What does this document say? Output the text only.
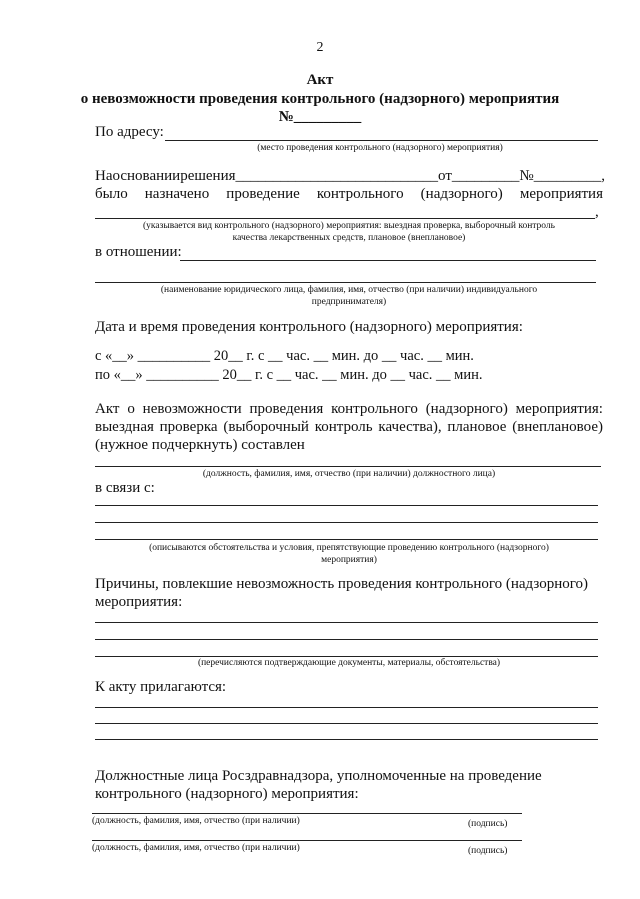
2
Акт
о невозможности проведения контрольного (надзорного) мероприятия
№_________
По адресу:
(место проведения контрольного (надзорного) мероприятия)
На основании решения___________________________ от _________ № _________,
было назначено проведение контрольного (надзорного) мероприятия
,
(указывается вид контрольного (надзорного) мероприятия: выездная проверка, выборочный контроль
качества лекарственных средств, плановое (внеплановое)
в отношении:
(наименование юридического лица, фамилия, имя, отчество (при наличии) индивидуального
предпринимателя)
Дата и время проведения контрольного (надзорного) мероприятия:
с «__» __________ 20__ г. с __ час. __ мин. до __ час. __ мин.
по «__» __________ 20__ г. с __ час. __ мин. до __ час. __ мин.
Акт о невозможности проведения контрольного (надзорного) мероприятия:
выездная проверка (выборочный контроль качества), плановое (внеплановое)
(нужное подчеркнуть) составлен
(должность, фамилия, имя, отчество (при наличии) должностного лица)
в связи с:
(описываются обстоятельства и условия, препятствующие проведению контрольного (надзорного)
мероприятия)
Причины, повлекшие невозможность проведения контрольного (надзорного)
мероприятия:
(перечисляются подтверждающие документы, материалы, обстоятельства)
К акту прилагаются:
Должностные лица Росздравнадзора, уполномоченные на проведение
контрольного (надзорного) мероприятия:
(должность, фамилия, имя, отчество (при наличии)	(подпись)
(должность, фамилия, имя, отчество (при наличии)	(подпись)
